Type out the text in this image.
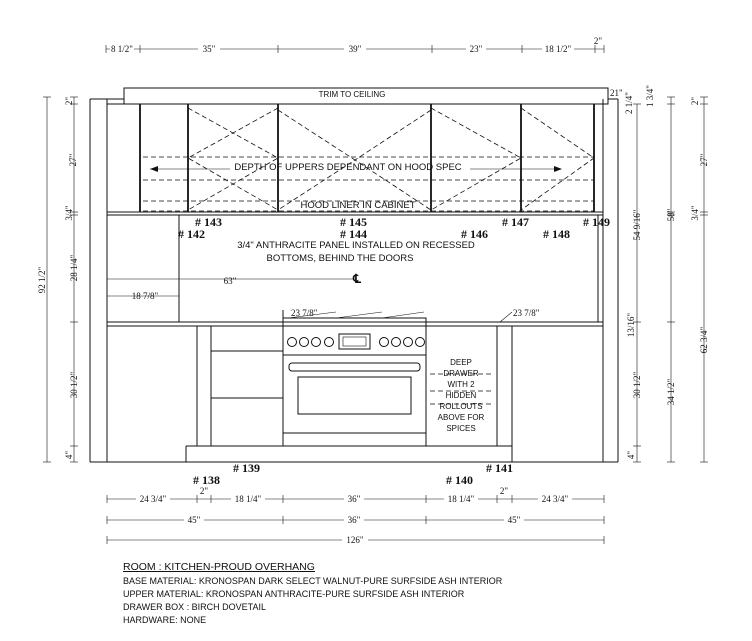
8 1/2"	35"	39"	23"	18 1/2"
2"
TRIM TO CEILING
DEPTH OF UPPERS DEPENDANT ON HOOD SPEC
HOOD LINER IN CABINET
3/4" ANTHRACITE PANEL INSTALLED ON RECESSED
BOTTOMS, BEHIND THE DOORS
63"	℄
18 7/8"
# 143
# 142
# 145
# 144	# 146
# 147
# 148
# 149
DEEP
DRAWER
WITH 2
HIDDEN
ROLLOUTS
ABOVE FOR
SPICES
23 7/8"	23 7/8"
# 138
# 139
# 140
# 141
92 1/2"
2"
27"
3/4"
28 1/4"
30 1/2"
4"
21" 1 3/4"
2 1/4"
54 9/16"
13/16"
30 1/2"
4"
58"
34 1/2"
2"
27"
3/4"
62 3/4"
24 3/4"
2"
18 1/4"	36"	18 1/4"
2"
24 3/4"
45"	36"	45"
126"
ROOM : KITCHEN-PROUD OVERHANG
BASE MATERIAL: KRONOSPAN DARK SELECT WALNUT-PURE SURFSIDE ASH INTERIOR
UPPER MATERIAL: KRONOSPAN ANTHRACITE-PURE SURFSIDE ASH INTERIOR
DRAWER BOX : BIRCH DOVETAIL
HARDWARE: NONE
